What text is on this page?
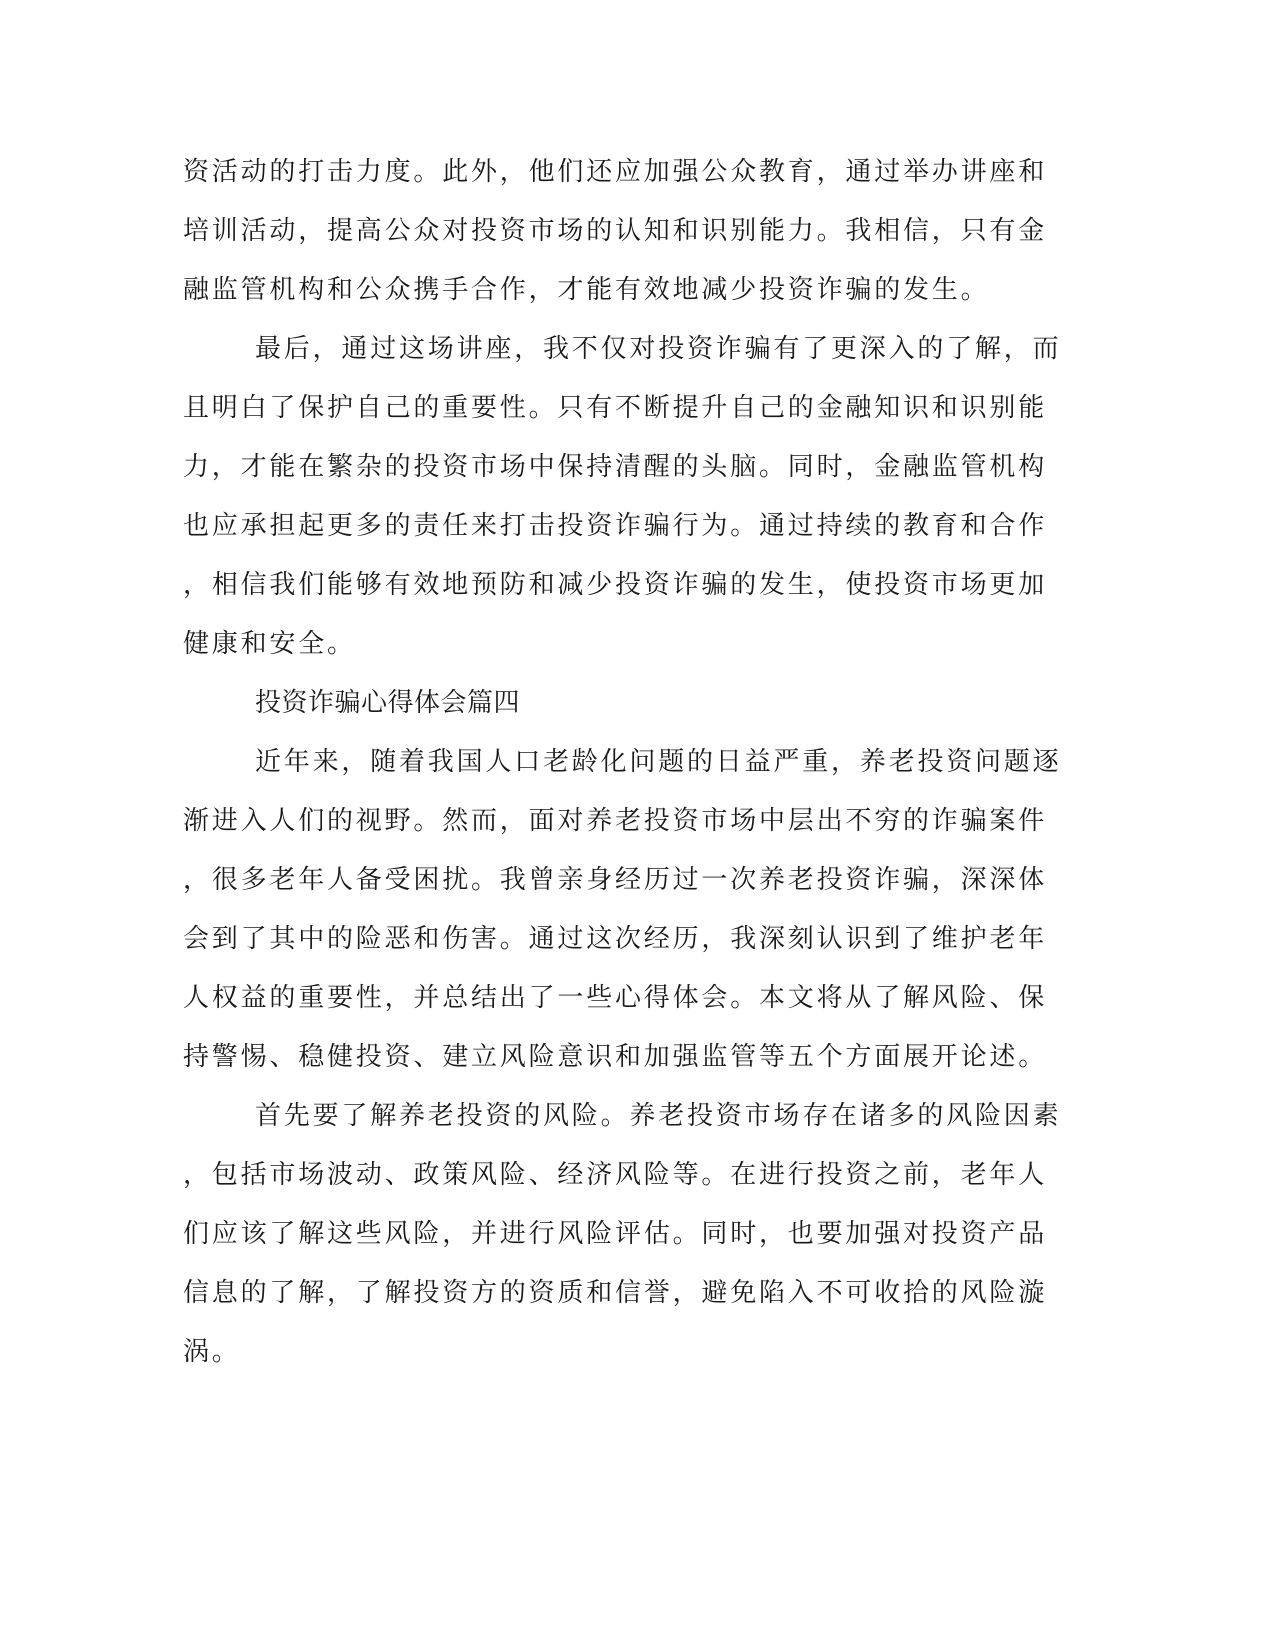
资活动的打击力度。此外，他们还应加强公众教育，通过举办讲座和
培训活动，提高公众对投资市场的认知和识别能力。我相信，只有金
融监管机构和公众携手合作，才能有效地减少投资诈骗的发生。
最后，通过这场讲座，我不仅对投资诈骗有了更深入的了解，而
且明白了保护自己的重要性。只有不断提升自己的金融知识和识别能
力，才能在繁杂的投资市场中保持清醒的头脑。同时，金融监管机构
也应承担起更多的责任来打击投资诈骗行为。通过持续的教育和合作
，相信我们能够有效地预防和减少投资诈骗的发生，使投资市场更加
健康和安全。
投资诈骗心得体会篇四
近年来，随着我国人口老龄化问题的日益严重，养老投资问题逐
渐进入人们的视野。然而，面对养老投资市场中层出不穷的诈骗案件
，很多老年人备受困扰。我曾亲身经历过一次养老投资诈骗，深深体
会到了其中的险恶和伤害。通过这次经历，我深刻认识到了维护老年
人权益的重要性，并总结出了一些心得体会。本文将从了解风险、保
持警惕、稳健投资、建立风险意识和加强监管等五个方面展开论述。
首先要了解养老投资的风险。养老投资市场存在诸多的风险因素
，包括市场波动、政策风险、经济风险等。在进行投资之前，老年人
们应该了解这些风险，并进行风险评估。同时，也要加强对投资产品
信息的了解，了解投资方的资质和信誉，避免陷入不可收拾的风险漩
涡。
